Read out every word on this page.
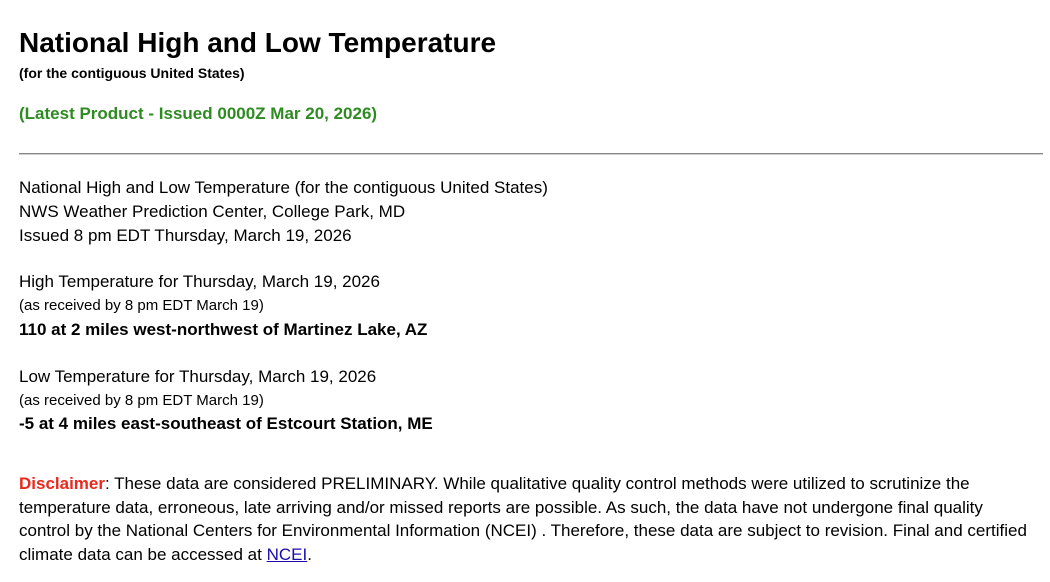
National High and Low Temperature
(for the contiguous United States)
(Latest Product - Issued 0000Z Mar 20, 2026)
National High and Low Temperature (for the contiguous United States)
NWS Weather Prediction Center, College Park, MD
Issued 8 pm EDT Thursday, March 19, 2026
High Temperature for Thursday, March 19, 2026
(as received by 8 pm EDT March 19)
110 at 2 miles west-northwest of Martinez Lake, AZ
Low Temperature for Thursday, March 19, 2026
(as received by 8 pm EDT March 19)
-5 at 4 miles east-southeast of Estcourt Station, ME

Disclaimer: These data are considered PRELIMINARY. While qualitative quality control methods were utilized to scrutinize the temperature data, erroneous, late arriving and/or missed reports are possible. As such, the data have not undergone final quality control by the National Centers for Environmental Information (NCEI) . Therefore, these data are subject to revision. Final and certified climate data can be accessed at NCEI.
